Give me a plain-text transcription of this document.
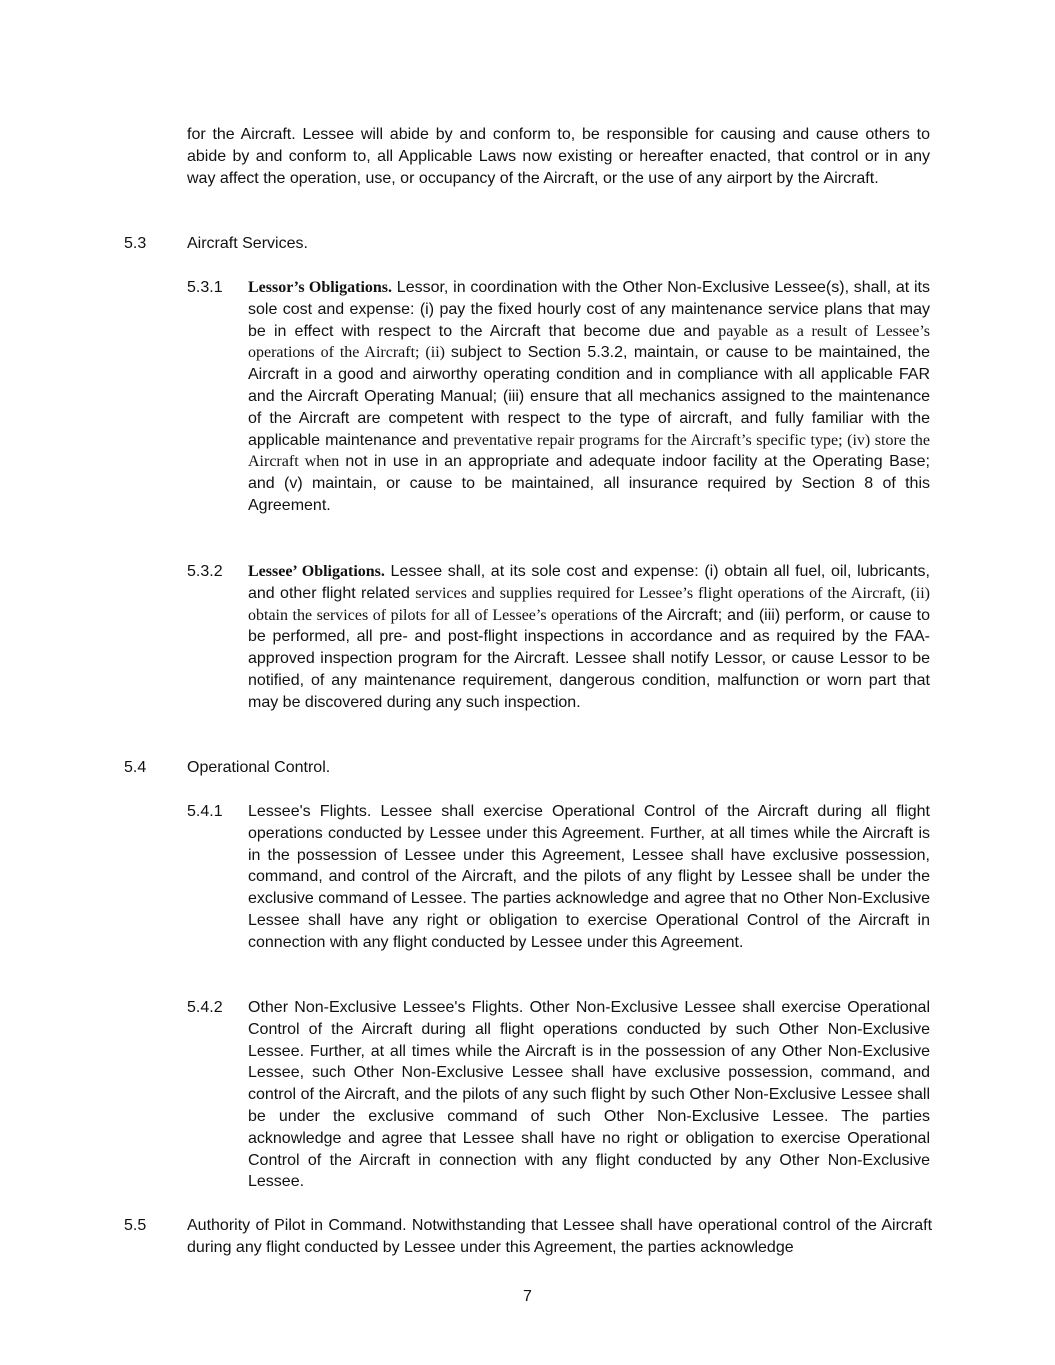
for the Aircraft. Lessee will abide by and conform to, be responsible for causing and cause others to abide by and conform to, all Applicable Laws now existing or hereafter enacted, that control or in any way affect the operation, use, or occupancy of the Aircraft, or the use of any airport by the Aircraft.

5.3	Aircraft Services.
5.3.1 Lessor’s Obligations. Lessor, in coordination with the Other Non-Exclusive Lessee(s), shall, at its sole cost and expense: (i) pay the fixed hourly cost of any maintenance service plans that may be in effect with respect to the Aircraft that become due and payable as a result of Lessee’s operations of the Aircraft; (ii) subject to Section 5.3.2, maintain, or cause to be maintained, the Aircraft in a good and airworthy operating condition and in compliance with all applicable FAR and the Aircraft Operating Manual; (iii) ensure that all mechanics assigned to the maintenance of the Aircraft are competent with respect to the type of aircraft, and fully familiar with the applicable maintenance and preventative repair programs for the Aircraft’s specific type; (iv) store the Aircraft when not in use in an appropriate and adequate indoor facility at the Operating Base; and (v) maintain, or cause to be maintained, all insurance required by Section 8 of this Agreement.

5.3.2 Lessee’ Obligations. Lessee shall, at its sole cost and expense: (i) obtain all fuel, oil, lubricants, and other flight related services and supplies required for Lessee’s flight operations of the Aircraft, (ii) obtain the services of pilots for all of Lessee’s operations of the Aircraft; and (iii) perform, or cause to be performed, all pre- and post-flight inspections in accordance and as required by the FAA-approved inspection program for the Aircraft. Lessee shall notify Lessor, or cause Lessor to be notified, of any maintenance requirement, dangerous condition, malfunction or worn part that may be discovered during any such inspection.

5.4	Operational Control.
5.4.1 Lessee's Flights. Lessee shall exercise Operational Control of the Aircraft during all flight operations conducted by Lessee under this Agreement. Further, at all times while the Aircraft is in the possession of Lessee under this Agreement, Lessee shall have exclusive possession, command, and control of the Aircraft, and the pilots of any flight by Lessee shall be under the exclusive command of Lessee. The parties acknowledge and agree that no Other Non-Exclusive Lessee shall have any right or obligation to exercise Operational Control of the Aircraft in connection with any flight conducted by Lessee under this Agreement.

5.4.2 Other Non-Exclusive Lessee's Flights. Other Non-Exclusive Lessee shall exercise Operational Control of the Aircraft during all flight operations conducted by such Other Non-Exclusive Lessee. Further, at all times while the Aircraft is in the possession of any Other Non-Exclusive Lessee, such Other Non-Exclusive Lessee shall have exclusive possession, command, and control of the Aircraft, and the pilots of any such flight by such Other Non-Exclusive Lessee shall be under the exclusive command of such Other Non-Exclusive Lessee. The parties acknowledge and agree that Lessee shall have no right or obligation to exercise Operational Control of the Aircraft in connection with any flight conducted by any Other Non-Exclusive Lessee.

5.5	Authority of Pilot in Command. Notwithstanding that Lessee shall have operational control of the Aircraft during any flight conducted by Lessee under this Agreement, the parties acknowledge

7
